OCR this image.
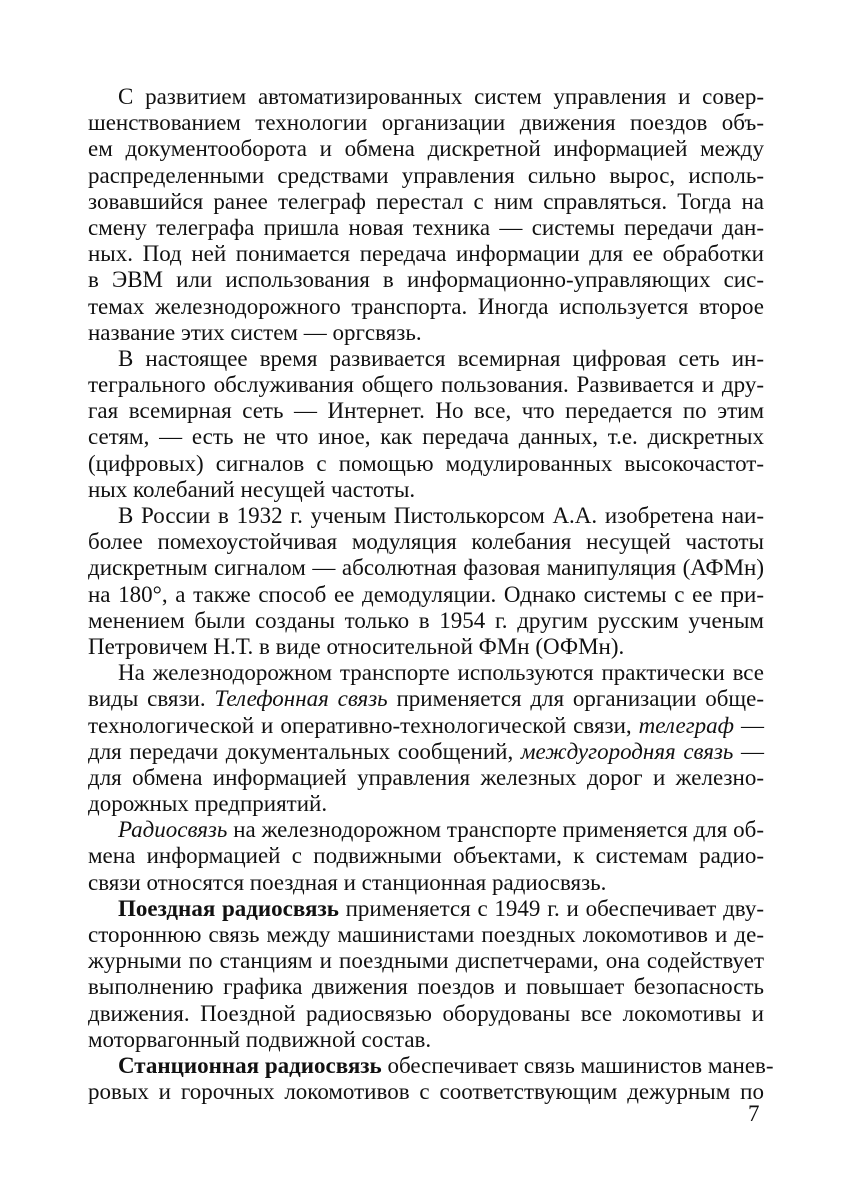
С развитием автоматизированных систем управления и совер-
шенствованием технологии организации движения поездов объ-
ем документооборота и обмена дискретной информацией между
распределенными средствами управления сильно вырос, исполь-
зовавшийся ранее телеграф перестал с ним справляться. Тогда на
смену телеграфа пришла новая техника — системы передачи дан-
ных. Под ней понимается передача информации для ее обработки
в ЭВМ или использования в информационно-управляющих сис-
темах железнодорожного транспорта. Иногда используется второе
название этих систем — оргсвязь.
В настоящее время развивается всемирная цифровая сеть ин-
тегрального обслуживания общего пользования. Развивается и дру-
гая всемирная сеть — Интернет. Но все, что передается по этим
сетям, — есть не что иное, как передача данных, т.е. дискретных
(цифровых) сигналов с помощью модулированных высокочастот-
ных колебаний несущей частоты.
В России в 1932 г. ученым Пистолькорсом А.А. изобретена наи-
более помехоустойчивая модуляция колебания несущей частоты
дискретным сигналом — абсолютная фазовая манипуляция (АФМн)
на 180°, а также способ ее демодуляции. Однако системы с ее при-
менением были созданы только в 1954 г. другим русским ученым
Петровичем Н.Т. в виде относительной ФМн (ОФМн).
На железнодорожном транспорте используются практически все
виды связи. Телефонная связь применяется для организации обще-
технологической и оперативно-технологической связи, телеграф —
для передачи документальных сообщений, междугородняя связь —
для обмена информацией управления железных дорог и железно-
дорожных предприятий.
Радиосвязь на железнодорожном транспорте применяется для об-
мена информацией с подвижными объектами, к системам радио-
связи относятся поездная и станционная радиосвязь.
Поездная радиосвязь применяется с 1949 г. и обеспечивает дву-
стороннюю связь между машинистами поездных локомотивов и де-
журными по станциям и поездными диспетчерами, она содействует
выполнению графика движения поездов и повышает безопасность
движения. Поездной радиосвязью оборудованы все локомотивы и
моторвагонный подвижной состав.
Станционная радиосвязь обеспечивает связь машинистов манев-
ровых и горочных локомотивов с соответствующим дежурным по
7
